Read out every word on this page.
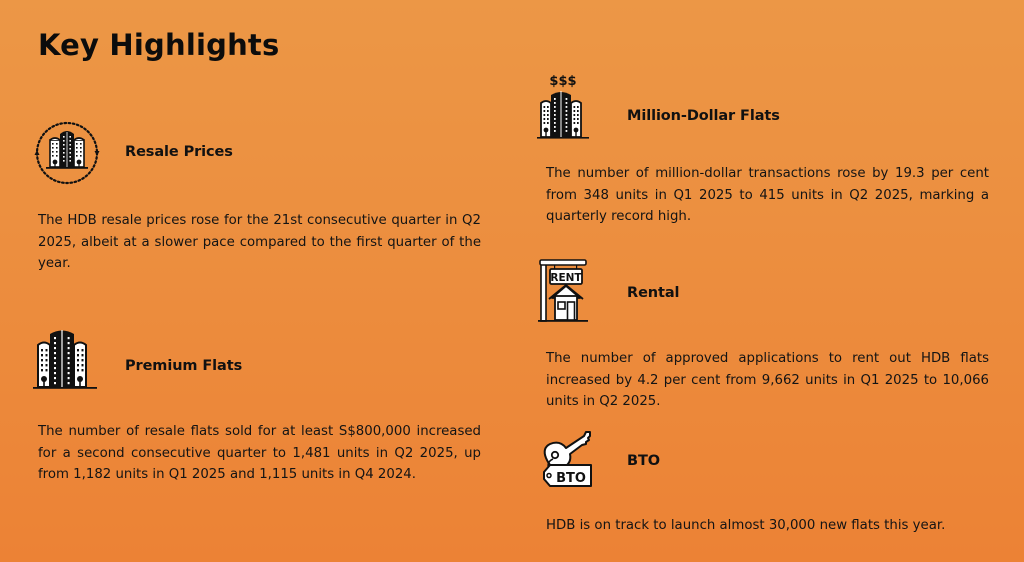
Key Highlights
Resale Prices
The HDB resale prices rose for the 21st consecutive quarter in Q2 2025, albeit at a slower pace compared to the first quarter of the year.
Premium Flats
The number of resale flats sold for at least S$800,000 increased for a second consecutive quarter to 1,481 units in Q2 2025, up from 1,182 units in Q1 2025 and 1,115 units in Q4 2024.
$$$
Million-Dollar Flats
The number of million-dollar transactions rose by 19.3 per cent from 348 units in Q1 2025 to 415 units in Q2 2025, marking a quarterly record high.
RENT
Rental
The number of approved applications to rent out HDB flats increased by 4.2 per cent from 9,662 units in Q1 2025 to 10,066 units in Q2 2025.
BTO
BTO
HDB is on track to launch almost 30,000 new flats this year.
